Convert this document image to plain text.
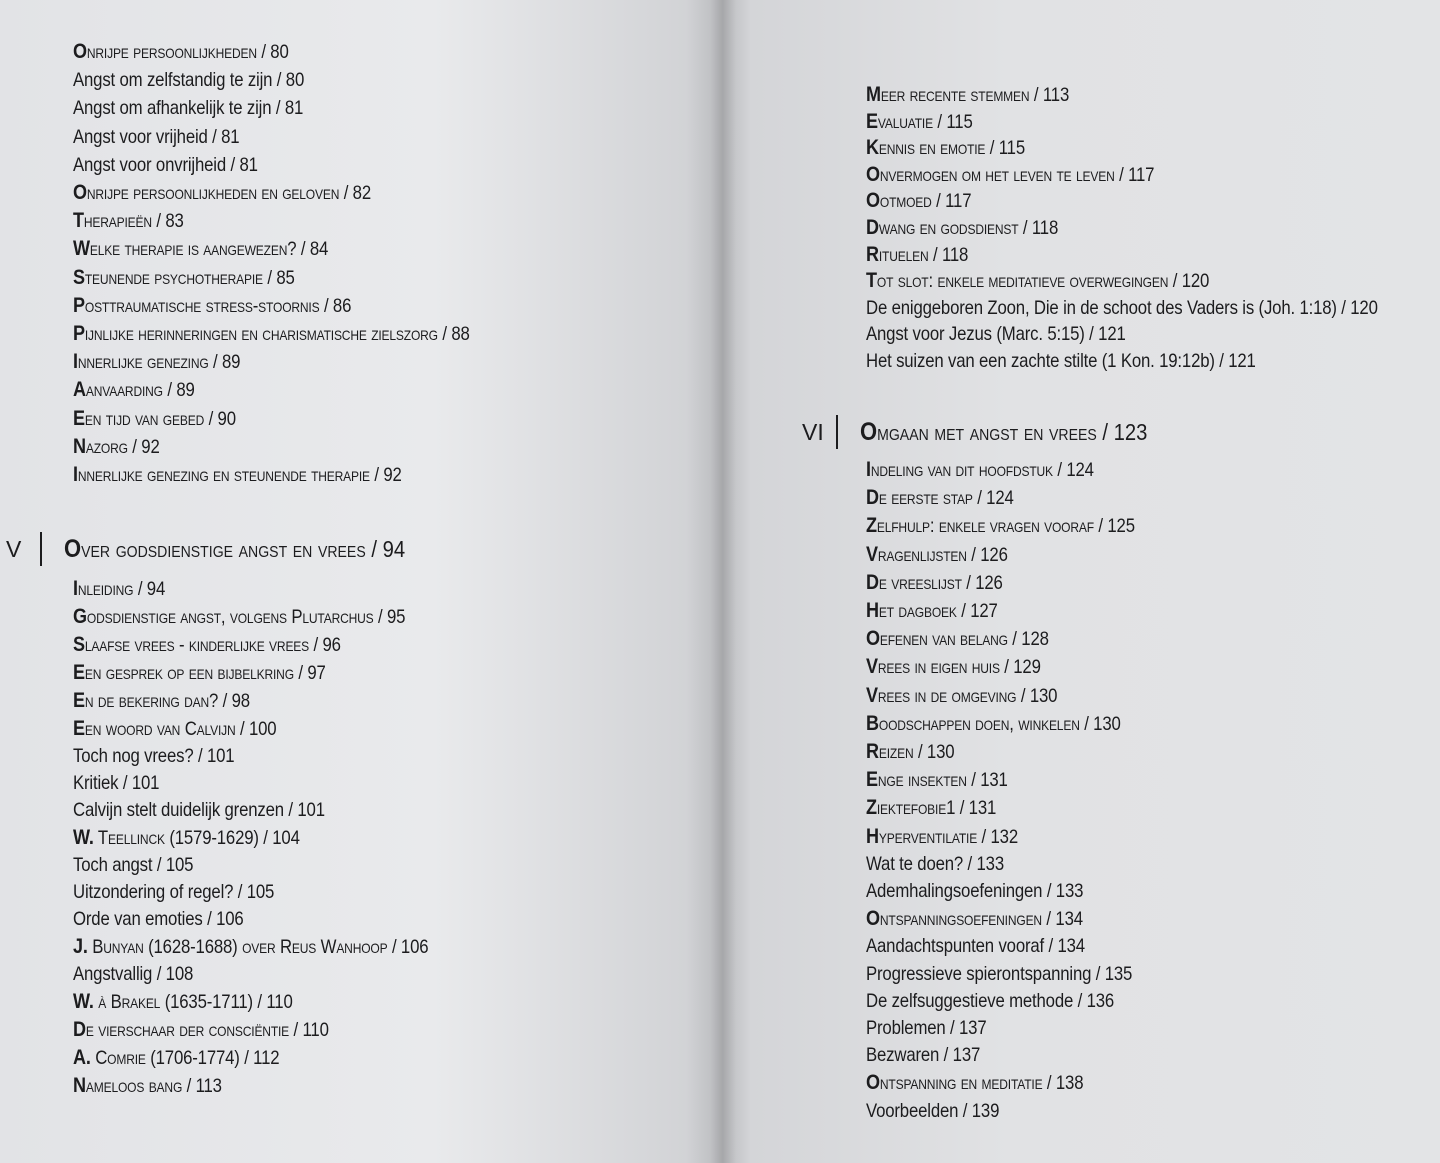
Onrijpe persoonlijkheden / 80
Angst om zelfstandig te zijn / 80
Angst om afhankelijk te zijn / 81
Angst voor vrijheid / 81
Angst voor onvrijheid / 81
Onrijpe persoonlijkheden en geloven / 82
Therapieën / 83
Welke therapie is aangewezen? / 84
Steunende psychotherapie / 85
Posttraumatische stress-stoornis / 86
Pijnlijke herinneringen en charismatische zielszorg / 88
Innerlijke genezing / 89
Aanvaarding / 89
Een tijd van gebed / 90
Nazorg / 92
Innerlijke genezing en steunende therapie / 92
V	Over godsdienstige angst en vrees / 94
Inleiding / 94
Godsdienstige angst, volgens Plutarchus / 95
Slaafse vrees - kinderlijke vrees / 96
Een gesprek op een bijbelkring / 97
En de bekering dan? / 98
Een woord van Calvijn / 100
Toch nog vrees? / 101
Kritiek / 101
Calvijn stelt duidelijk grenzen / 101
W. Teellinck (1579-1629) / 104
Toch angst / 105
Uitzondering of regel? / 105
Orde van emoties / 106
J. Bunyan (1628-1688) over Reus Wanhoop / 106
Angstvallig / 108
W. à Brakel (1635-1711) / 110
De vierschaar der consciëntie / 110
A. Comrie (1706-1774) / 112
Nameloos bang / 113
Meer recente stemmen / 113
Evaluatie / 115
Kennis en emotie / 115
Onvermogen om het leven te leven / 117
Ootmoed / 117
Dwang en godsdienst / 118
Rituelen / 118
Tot slot: enkele meditatieve overwegingen / 120
De eniggeboren Zoon, Die in de schoot des Vaders is (Joh. 1:18) / 120
Angst voor Jezus (Marc. 5:15) / 121
Het suizen van een zachte stilte (1 Kon. 19:12b) / 121
VI	Omgaan met angst en vrees / 123
Indeling van dit hoofdstuk / 124
De eerste stap / 124
Zelfhulp: enkele vragen vooraf / 125
Vragenlijsten / 126
De vreeslijst / 126
Het dagboek / 127
Oefenen van belang / 128
Vrees in eigen huis / 129
Vrees in de omgeving / 130
Boodschappen doen, winkelen / 130
Reizen / 130
Enge insekten / 131
Ziektefobie1 / 131
Hyperventilatie / 132
Wat te doen? / 133
Ademhalingsoefeningen / 133
Ontspanningsoefeningen / 134
Aandachtspunten vooraf / 134
Progressieve spierontspanning / 135
De zelfsuggestieve methode / 136
Problemen / 137
Bezwaren / 137
Ontspanning en meditatie / 138
Voorbeelden / 139
